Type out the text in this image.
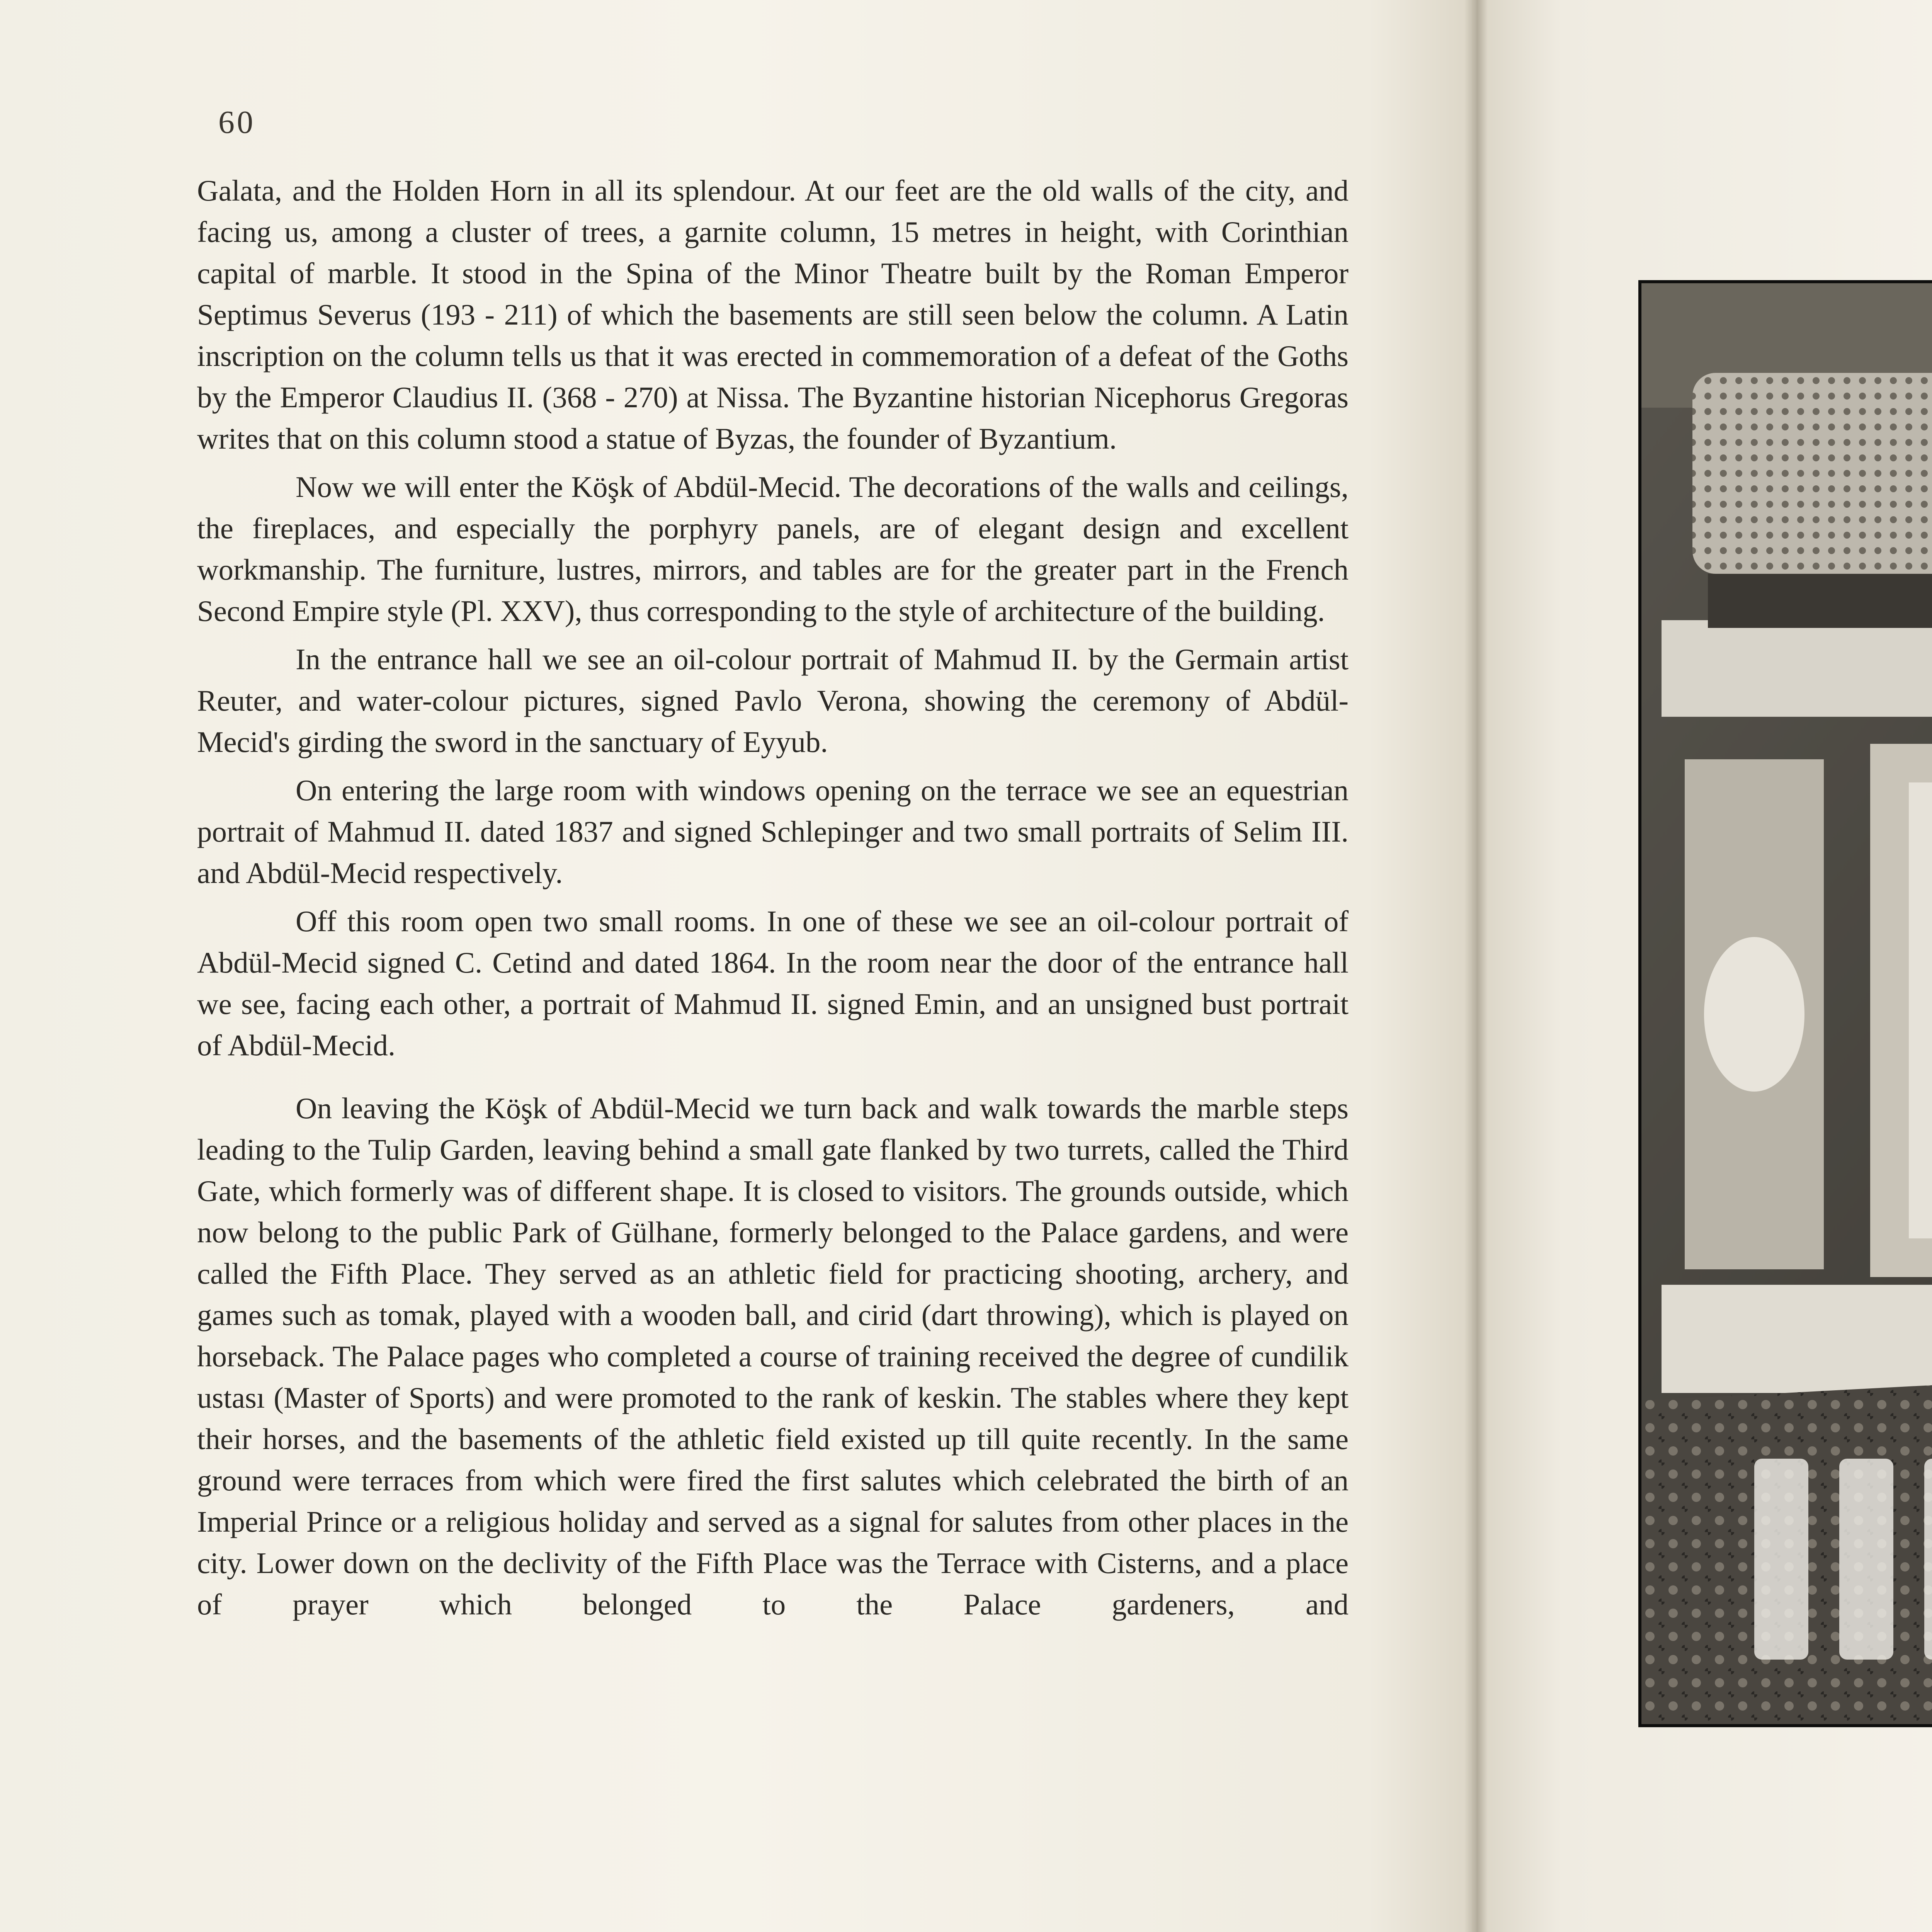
60

Galata, and the Holden Horn in all its splendour. At our feet are the old walls of the city, and facing us, among a cluster of trees, a garnite column, 15 metres in height, with Corinthian capital of marble. It stood in the Spina of the Minor Theatre built by the Roman Emperor Septimus Severus (193 - 211) of which the basements are still seen below the column. A Latin inscription on the column tells us that it was erected in commemoration of a defeat of the Goths by the Emperor Claudius II. (368 - 270) at Nissa. The Byzantine historian Nicephorus Gregoras writes that on this column stood a statue of Byzas, the founder of Byzantium.

Now we will enter the Köşk of Abdül-Mecid. The decorations of the walls and ceilings, the fireplaces, and especially the porphyry panels, are of elegant design and excellent workmanship. The furniture, lustres, mirrors, and tables are for the greater part in the French Second Empire style (Pl. XXV), thus corresponding to the style of architecture of the building.

In the entrance hall we see an oil-colour portrait of Mahmud II. by the Germain artist Reuter, and water-colour pictures, signed Pavlo Verona, showing the ceremony of Abdül-Mecid's girding the sword in the sanctuary of Eyyub.

On entering the large room with windows opening on the terrace we see an equestrian portrait of Mahmud II. dated 1837 and signed Schlepinger and two small portraits of Selim III. and Abdül-Mecid respectively.

Off this room open two small rooms. In one of these we see an oil-colour portrait of Abdül-Mecid signed C. Cetind and dated 1864. In the room near the door of the entrance hall we see, facing each other, a portrait of Mahmud II. signed Emin, and an unsigned bust portrait of Abdül-Mecid.

On leaving the Köşk of Abdül-Mecid we turn back and walk towards the marble steps leading to the Tulip Garden, leaving behind a small gate flanked by two turrets, called the Third Gate, which formerly was of different shape. It is closed to visitors. The grounds outside, which now belong to the public Park of Gülhane, formerly belonged to the Palace gardens, and were called the Fifth Place. They served as an athletic field for practicing shooting, archery, and games such as tomak, played with a wooden ball, and cirid (dart throwing), which is played on horseback. The Palace pages who completed a course of training received the degree of cundilik ustası (Master of Sports) and were promoted to the rank of keskin. The stables where they kept their horses, and the basements of the athletic field existed up till quite recently. In the same ground were terraces from which were fired the first salutes which celebrated the birth of an Imperial Prince or a religious holiday and served as a signal for salutes from other places in the city. Lower down on the declivity of the Fifth Place was the Terrace with Cisterns, and a place of prayer which belonged to the Palace gardeners, and
